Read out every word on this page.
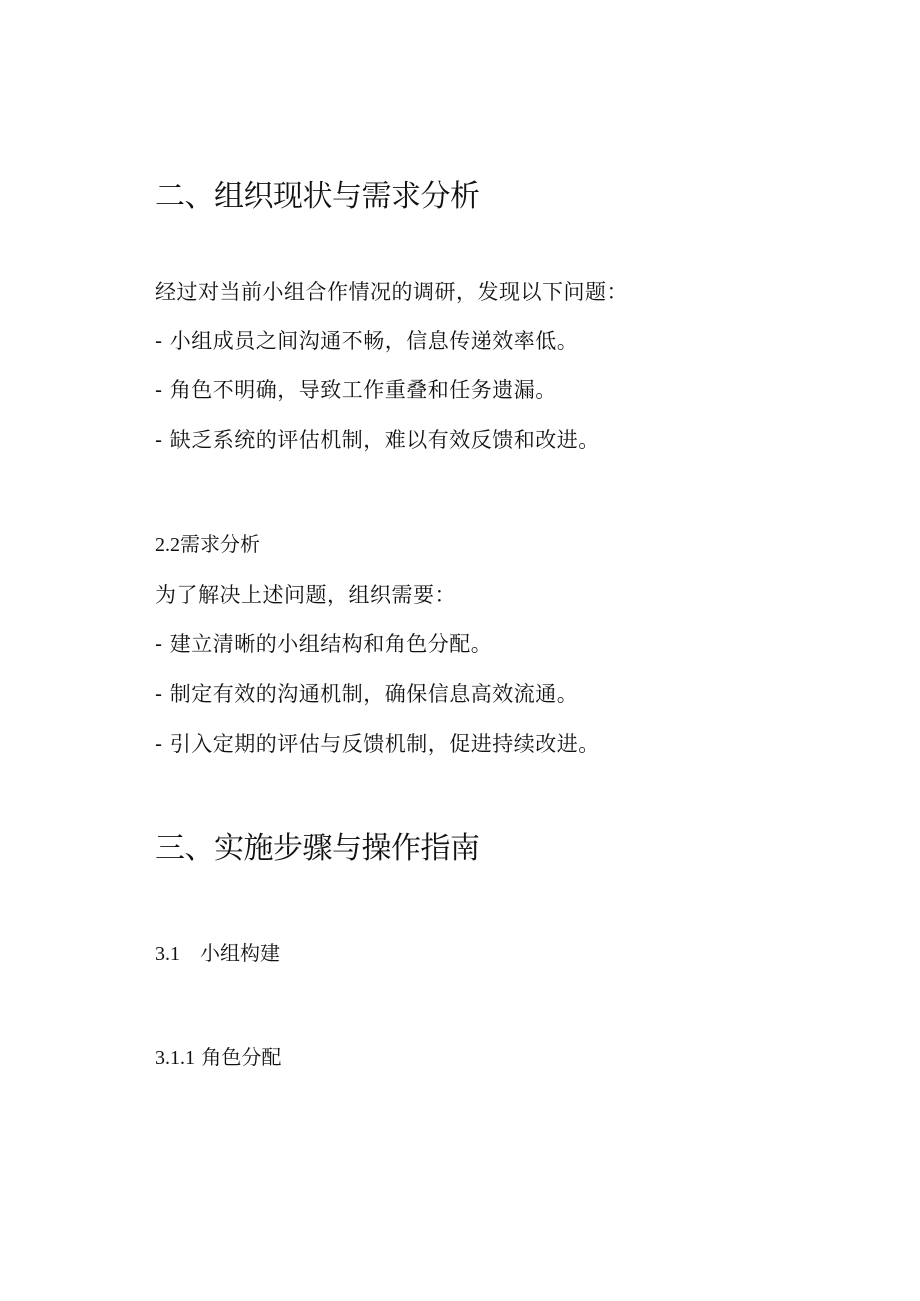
二、组织现状与需求分析
经过对当前小组合作情况的调研，发现以下问题：
- 小组成员之间沟通不畅，信息传递效率低。
- 角色不明确，导致工作重叠和任务遗漏。
- 缺乏系统的评估机制，难以有效反馈和改进。
2.2需求分析
为了解决上述问题，组织需要：
- 建立清晰的小组结构和角色分配。
- 制定有效的沟通机制，确保信息高效流通。
- 引入定期的评估与反馈机制，促进持续改进。
三、实施步骤与操作指南
3.1 小组构建
3.1.1 角色分配
